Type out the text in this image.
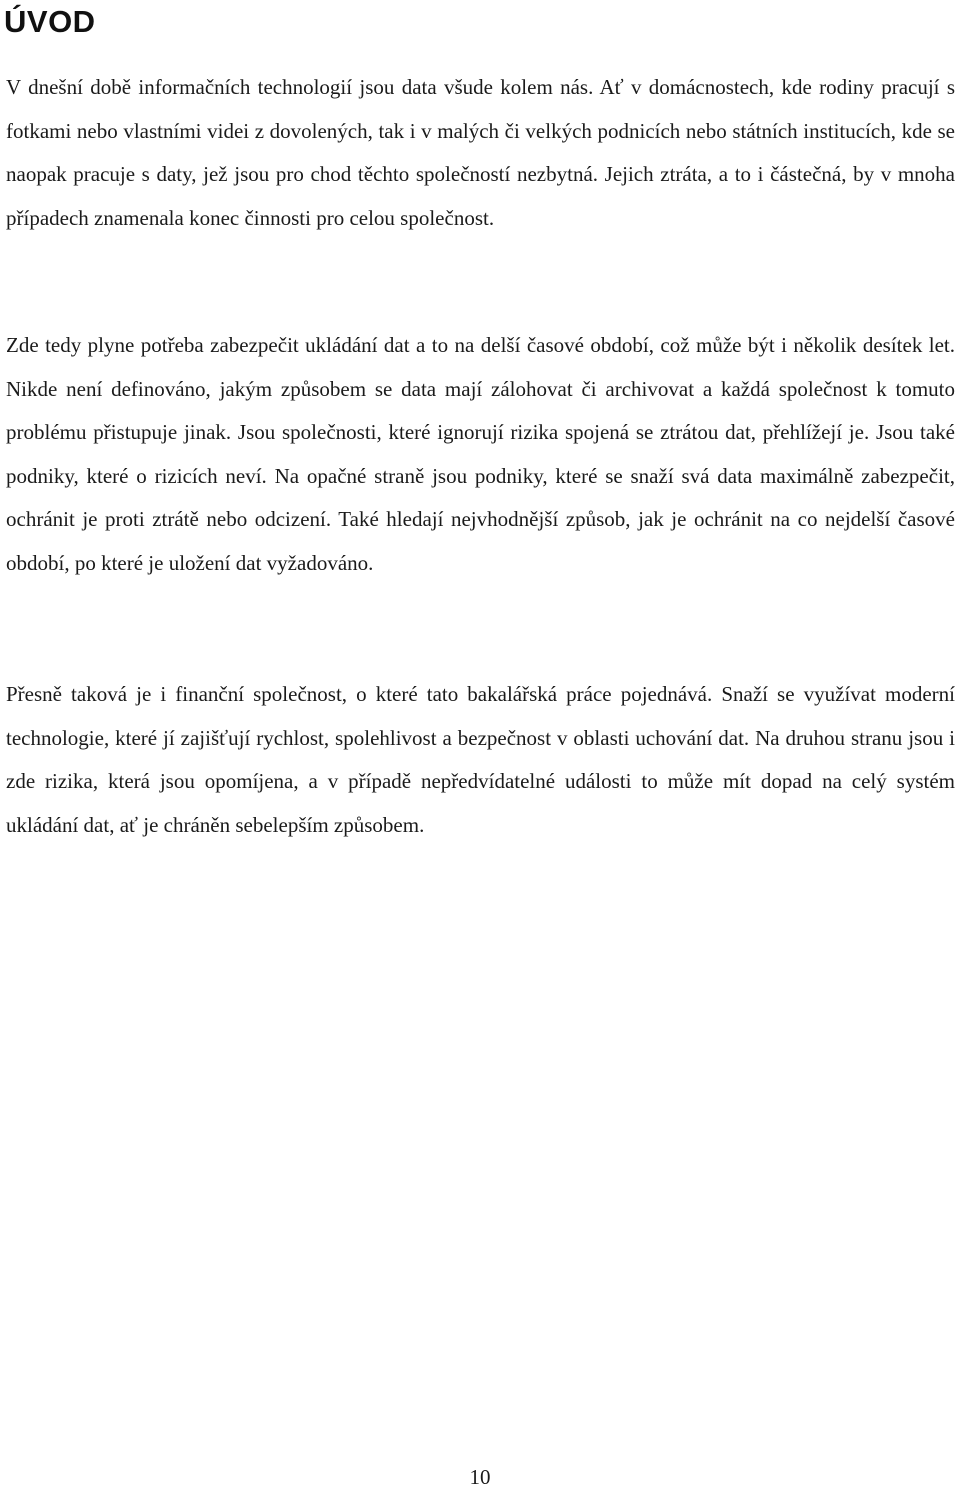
ÚVOD

V dnešní době informačních technologií jsou data všude kolem nás. Ať v domácnostech, kde rodiny pracují s fotkami nebo vlastními videi z dovolených, tak i v malých či velkých podnicích nebo státních institucích, kde se naopak pracuje s daty, jež jsou pro chod těchto společností nezbytná. Jejich ztráta, a to i částečná, by v mnoha případech znamenala konec činnosti pro celou společnost.

Zde tedy plyne potřeba zabezpečit ukládání dat a to na delší časové období, což může být i několik desítek let. Nikde není definováno, jakým způsobem se data mají zálohovat či archivovat a každá společnost k tomuto problému přistupuje jinak. Jsou společnosti, které ignorují rizika spojená se ztrátou dat, přehlížejí je. Jsou také podniky, které o rizicích neví. Na opačné straně jsou podniky, které se snaží svá data maximálně zabezpečit, ochránit je proti ztrátě nebo odcizení. Také hledají nejvhodnější způsob, jak je ochránit na co nejdelší časové období, po které je uložení dat vyžadováno.

Přesně taková je i finanční společnost, o které tato bakalářská práce pojednává. Snaží se využívat moderní technologie, které jí zajišťují rychlost, spolehlivost a bezpečnost v oblasti uchování dat. Na druhou stranu jsou i zde rizika, která jsou opomíjena, a v případě nepředvídatelné události to může mít dopad na celý systém ukládání dat, ať je chráněn sebelepším způsobem.

10
